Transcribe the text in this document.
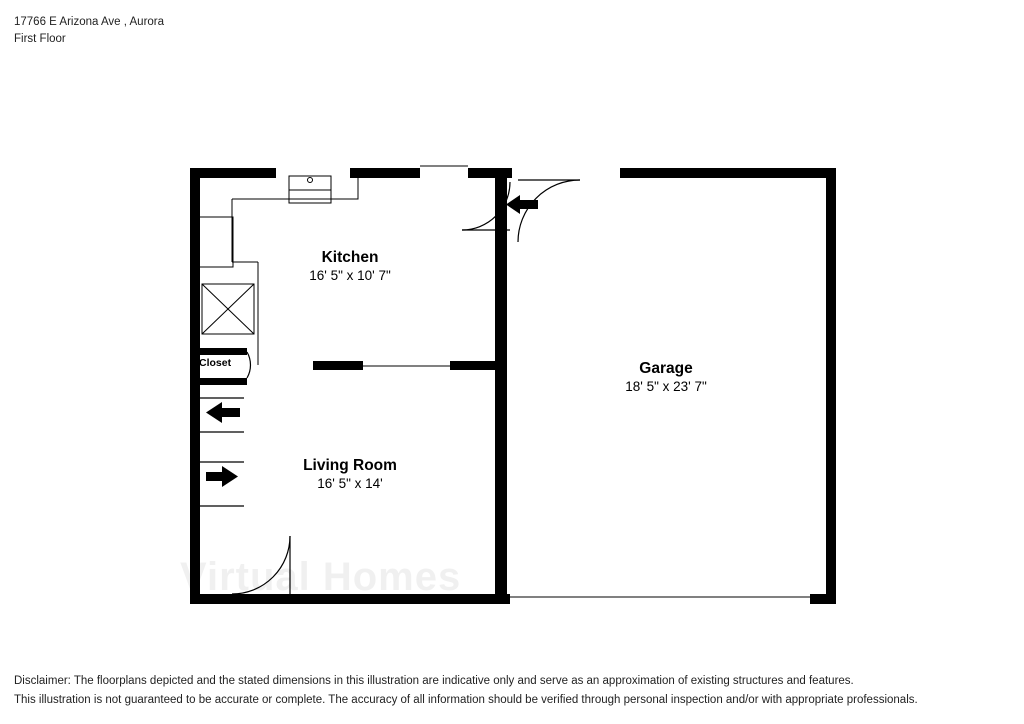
17766 E Arizona Ave , Aurora
First Floor
Kitchen
16' 5" x 10' 7"
Garage
18' 5" x 23' 7"
Living Room
16' 5" x 14'
Closet
Virtual Homes
Disclaimer: The floorplans depicted and the stated dimensions in this illustration are indicative only and serve as an approximation of existing structures and features.
This illustration is not guaranteed to be accurate or complete. The accuracy of all information should be verified through personal inspection and/or with appropriate professionals.
